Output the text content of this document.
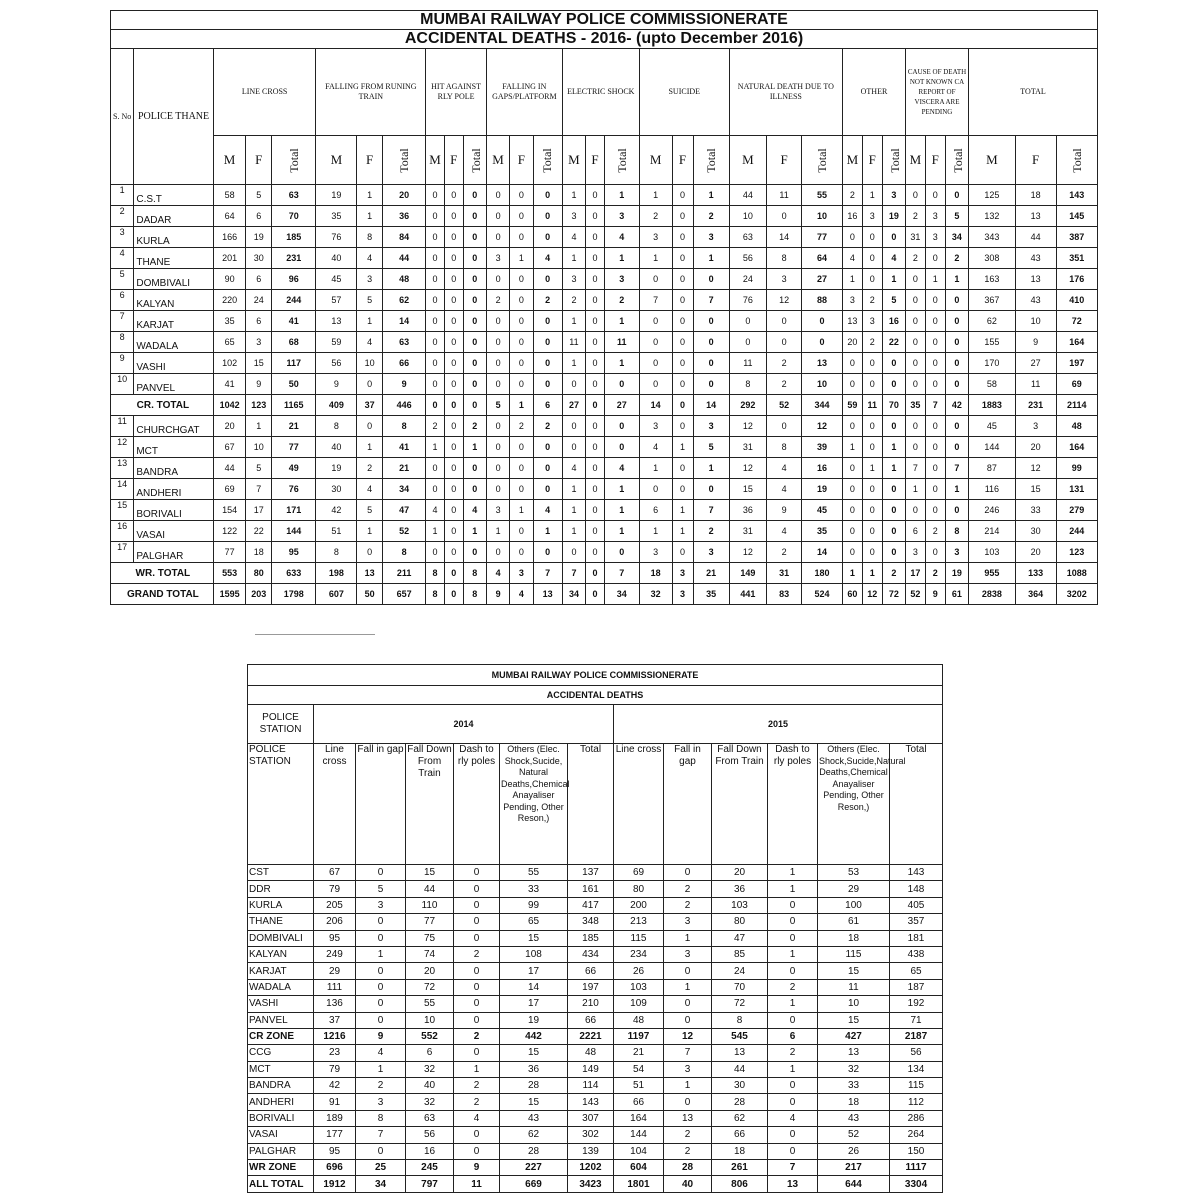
MUMBAI RAILWAY POLICE COMMISSIONERATE																															
ACCIDENTAL DEATHS - 2016- (upto December 2016)																															
S. No	POLICE THANE	LINE CROSS			FALLING FROM RUNING TRAIN			HIT AGAINST RLY POLE			FALLING IN GAPS/PLATFORM			ELECTRIC SHOCK			SUICIDE			NATURAL DEATH DUE TO ILLNESS			OTHER			CAUSE OF DEATH NOT KNOWN CA REPORT OF VISCERA ARE PENDING			TOTAL		
		M	F	Total	M	F	Total	M	F	Total	M	F	Total	M	F	Total	M	F	Total	M	F	Total	M	F	Total	M	F	Total	M	F	Total
1	C.S.T	58	5	63	19	1	20	0	0	0	0	0	0	1	0	1	1	0	1	44	11	55	2	1	3	0	0	0	125	18	143
2	DADAR	64	6	70	35	1	36	0	0	0	0	0	0	3	0	3	2	0	2	10	0	10	16	3	19	2	3	5	132	13	145
3	KURLA	166	19	185	76	8	84	0	0	0	0	0	0	4	0	4	3	0	3	63	14	77	0	0	0	31	3	34	343	44	387
4	THANE	201	30	231	40	4	44	0	0	0	3	1	4	1	0	1	1	0	1	56	8	64	4	0	4	2	0	2	308	43	351
5	DOMBIVALI	90	6	96	45	3	48	0	0	0	0	0	0	3	0	3	0	0	0	24	3	27	1	0	1	0	1	1	163	13	176
6	KALYAN	220	24	244	57	5	62	0	0	0	2	0	2	2	0	2	7	0	7	76	12	88	3	2	5	0	0	0	367	43	410
7	KARJAT	35	6	41	13	1	14	0	0	0	0	0	0	1	0	1	0	0	0	0	0	0	13	3	16	0	0	0	62	10	72
8	WADALA	65	3	68	59	4	63	0	0	0	0	0	0	11	0	11	0	0	0	0	0	0	20	2	22	0	0	0	155	9	164
9	VASHI	102	15	117	56	10	66	0	0	0	0	0	0	1	0	1	0	0	0	11	2	13	0	0	0	0	0	0	170	27	197
10	PANVEL	41	9	50	9	0	9	0	0	0	0	0	0	0	0	0	0	0	0	8	2	10	0	0	0	0	0	0	58	11	69
CR. TOTAL		1042	123	1165	409	37	446	0	0	0	5	1	6	27	0	27	14	0	14	292	52	344	59	11	70	35	7	42	1883	231	2114
11	CHURCHGAT	20	1	21	8	0	8	2	0	2	0	2	2	0	0	0	3	0	3	12	0	12	0	0	0	0	0	0	45	3	48
12	MCT	67	10	77	40	1	41	1	0	1	0	0	0	0	0	0	4	1	5	31	8	39	1	0	1	0	0	0	144	20	164
13	BANDRA	44	5	49	19	2	21	0	0	0	0	0	0	4	0	4	1	0	1	12	4	16	0	1	1	7	0	7	87	12	99
14	ANDHERI	69	7	76	30	4	34	0	0	0	0	0	0	1	0	1	0	0	0	15	4	19	0	0	0	1	0	1	116	15	131
15	BORIVALI	154	17	171	42	5	47	4	0	4	3	1	4	1	0	1	6	1	7	36	9	45	0	0	0	0	0	0	246	33	279
16	VASAI	122	22	144	51	1	52	1	0	1	1	0	1	1	0	1	1	1	2	31	4	35	0	0	0	6	2	8	214	30	244
17	PALGHAR	77	18	95	8	0	8	0	0	0	0	0	0	0	0	0	3	0	3	12	2	14	0	0	0	3	0	3	103	20	123
WR. TOTAL		553	80	633	198	13	211	8	0	8	4	3	7	7	0	7	18	3	21	149	31	180	1	1	2	17	2	19	955	133	1088
GRAND TOTAL		1595	203	1798	607	50	657	8	0	8	9	4	13	34	0	34	32	3	35	441	83	524	60	12	72	52	9	61	2838	364	3202
MUMBAI RAILWAY POLICE COMMISSIONERATE												
ACCIDENTAL DEATHS												
POLICE STATION	2014						2015					
POLICE STATION	Line cross	Fall in gap	Fall Down From Train	Dash to rly poles	Others (Elec. Shock,Sucide, Natural Deaths,Chemical Anayaliser Pending, Other Reson,)	Total	Line cross	Fall in gap	Fall Down From Train	Dash to rly poles	Others (Elec. Shock,Sucide,Natural Deaths,Chemical Anayaliser Pending, Other Reson,)	Total
CST	67	0	15	0	55	137	69	0	20	1	53	143
DDR	79	5	44	0	33	161	80	2	36	1	29	148
KURLA	205	3	110	0	99	417	200	2	103	0	100	405
THANE	206	0	77	0	65	348	213	3	80	0	61	357
DOMBIVALI	95	0	75	0	15	185	115	1	47	0	18	181
KALYAN	249	1	74	2	108	434	234	3	85	1	115	438
KARJAT	29	0	20	0	17	66	26	0	24	0	15	65
WADALA	111	0	72	0	14	197	103	1	70	2	11	187
VASHI	136	0	55	0	17	210	109	0	72	1	10	192
PANVEL	37	0	10	0	19	66	48	0	8	0	15	71
CR ZONE	1216	9	552	2	442	2221	1197	12	545	6	427	2187
CCG	23	4	6	0	15	48	21	7	13	2	13	56
MCT	79	1	32	1	36	149	54	3	44	1	32	134
BANDRA	42	2	40	2	28	114	51	1	30	0	33	115
ANDHERI	91	3	32	2	15	143	66	0	28	0	18	112
BORIVALI	189	8	63	4	43	307	164	13	62	4	43	286
VASAI	177	7	56	0	62	302	144	2	66	0	52	264
PALGHAR	95	0	16	0	28	139	104	2	18	0	26	150
WR ZONE	696	25	245	9	227	1202	604	28	261	7	217	1117
ALL TOTAL	1912	34	797	11	669	3423	1801	40	806	13	644	3304
